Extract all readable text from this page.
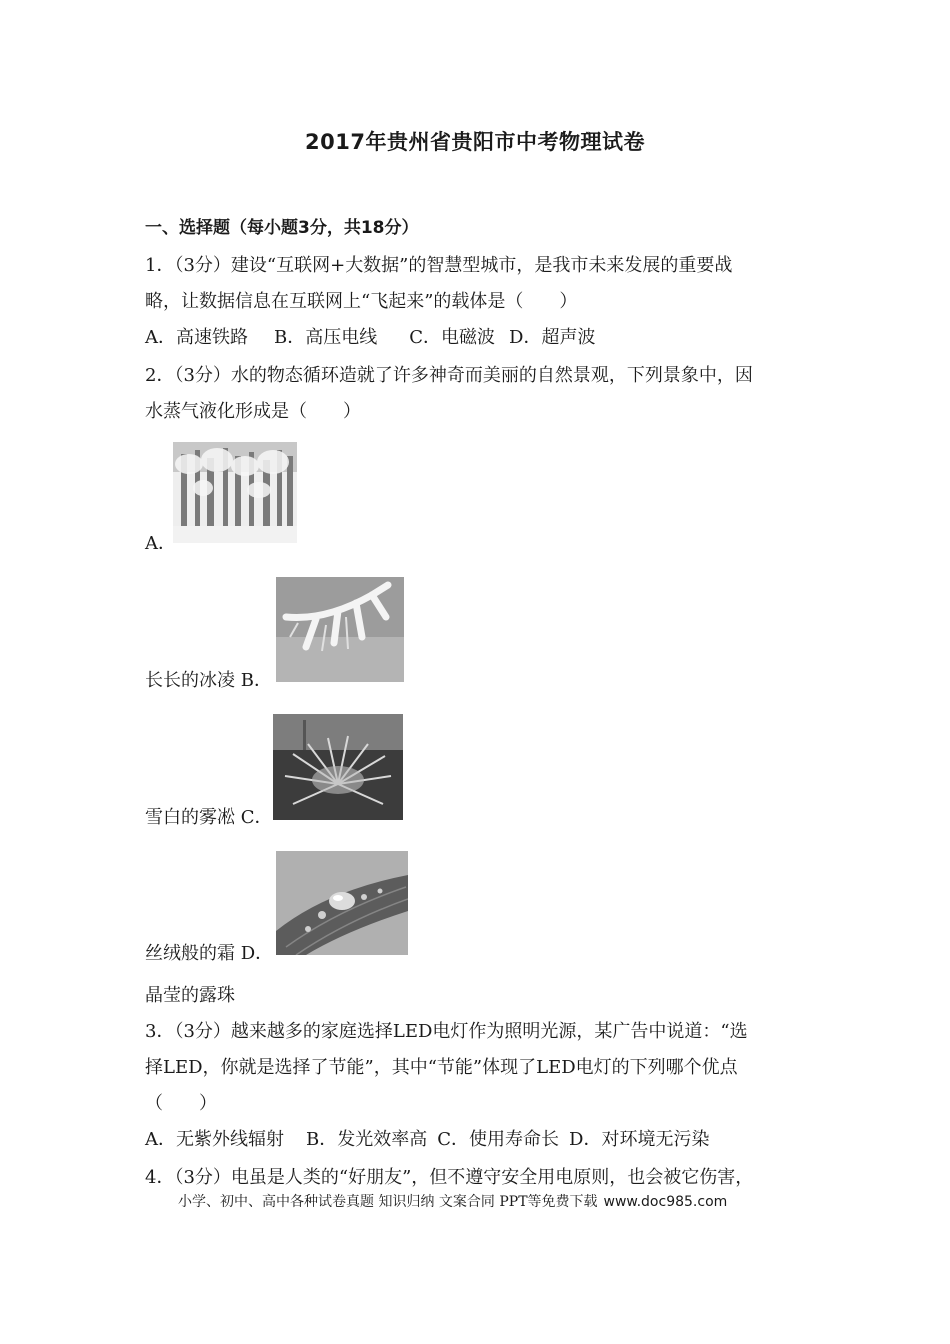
2017年贵州省贵阳市中考物理试卷
一、选择题（每小题3分，共18分）
1．（3分）建设“互联网+大数据”的智慧型城市，是我市未来发展的重要战
略，让数据信息在互联网上“飞起来”的载体是（　　）
A．高速铁路 B．高压电线 C．电磁波 D．超声波
2．（3分）水的物态循环造就了许多神奇而美丽的自然景观，下列景象中，因
水蒸气液化形成是（　　）
A．
长长的冰凌 B．
雪白的雾凇 C．
丝绒般的霜 D．
晶莹的露珠
3．（3分）越来越多的家庭选择LED电灯作为照明光源，某广告中说道：“选
择LED，你就是选择了节能”，其中“节能”体现了LED电灯的下列哪个优点
（　　）
A．无紫外线辐射 B．发光效率高 C．使用寿命长 D．对环境无污染
4．（3分）电虽是人类的“好朋友”，但不遵守安全用电原则，也会被它伤害，
小学、初中、高中各种试卷真题 知识归纳 文案合同 PPT等免费下载 www.doc985.com
